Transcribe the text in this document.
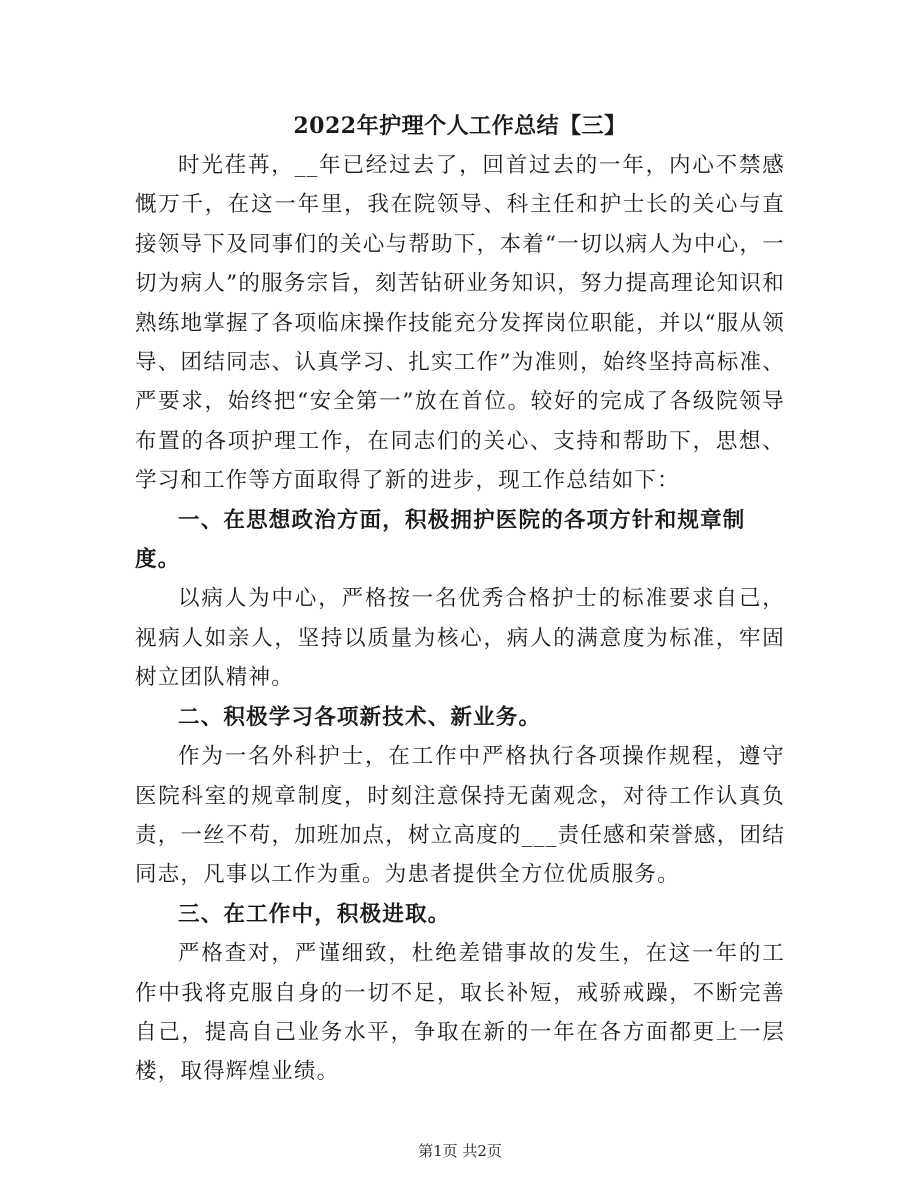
2022年护理个人工作总结【三】

时光荏苒，__年已经过去了，回首过去的一年，内心不禁感慨万千，在这一年里，我在院领导、科主任和护士长的关心与直接领导下及同事们的关心与帮助下，本着“一切以病人为中心，一切为病人”的服务宗旨，刻苦钻研业务知识，努力提高理论知识和熟练地掌握了各项临床操作技能充分发挥岗位职能，并以“服从领导、团结同志、认真学习、扎实工作”为准则，始终坚持高标准、严要求，始终把“安全第一”放在首位。较好的完成了各级院领导布置的各项护理工作，在同志们的关心、支持和帮助下，思想、学习和工作等方面取得了新的进步，现工作总结如下：

一、在思想政治方面，积极拥护医院的各项方针和规章制度。

以病人为中心，严格按一名优秀合格护士的标准要求自己，视病人如亲人，坚持以质量为核心，病人的满意度为标准，牢固树立团队精神。

二、积极学习各项新技术、新业务。

作为一名外科护士，在工作中严格执行各项操作规程，遵守医院科室的规章制度，时刻注意保持无菌观念，对待工作认真负责，一丝不苟，加班加点，树立高度的___责任感和荣誉感，团结同志，凡事以工作为重。为患者提供全方位优质服务。

三、在工作中，积极进取。

严格查对，严谨细致，杜绝差错事故的发生，在这一年的工作中我将克服自身的一切不足，取长补短，戒骄戒躁，不断完善自己，提高自己业务水平，争取在新的一年在各方面都更上一层楼，取得辉煌业绩。

第1页 共2页
